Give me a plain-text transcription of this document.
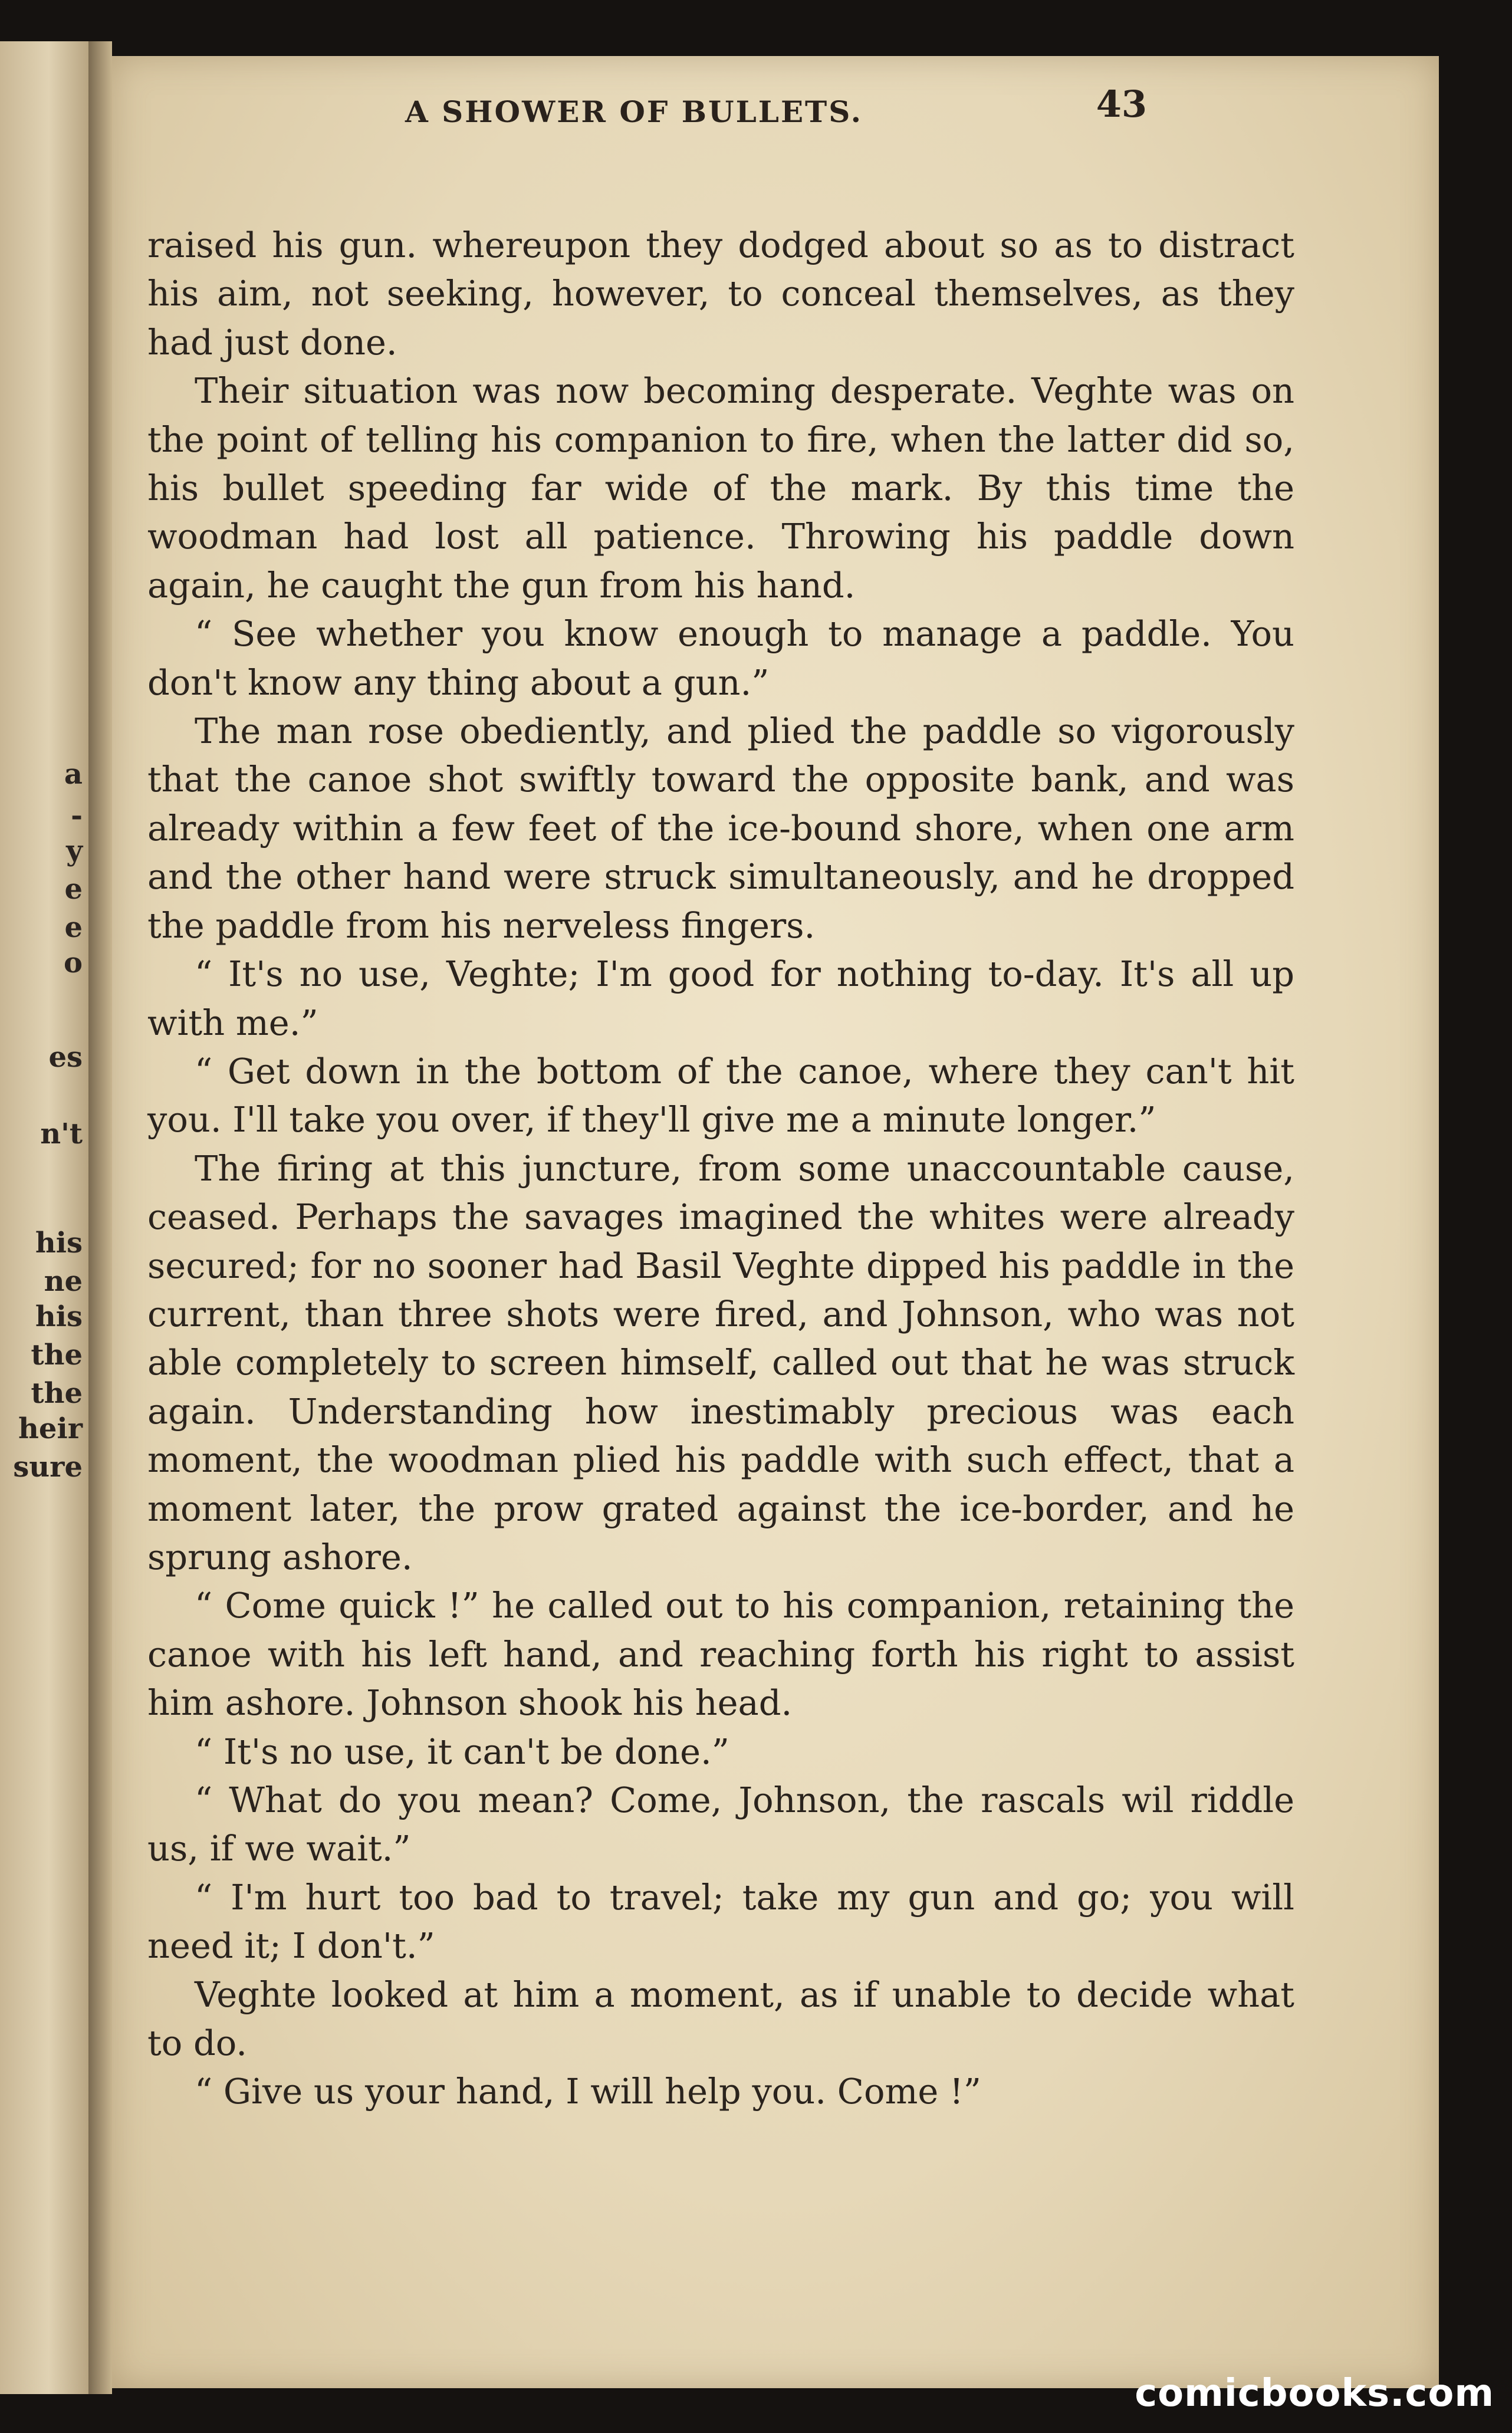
a
-
y
e
e
o
es
n't
his
ne
his
the
the
heir
sure
A SHOWER OF BULLETS.	43

raised his gun. whereupon they dodged about so as to distract his aim, not seeking, however, to conceal themselves, as they had just done.

Their situation was now becoming desperate. Veghte was on the point of telling his companion to fire, when the latter did so, his bullet speeding far wide of the mark. By this time the woodman had lost all patience. Throwing his paddle down again, he caught the gun from his hand.

“ See whether you know enough to manage a paddle. You don't know any thing about a gun.”

The man rose obediently, and plied the paddle so vigorously that the canoe shot swiftly toward the opposite bank, and was already within a few feet of the ice-bound shore, when one arm and the other hand were struck simultaneously, and he dropped the paddle from his nerveless fingers.

“ It's no use, Veghte; I'm good for nothing to-day. It's all up with me.”

“ Get down in the bottom of the canoe, where they can't hit you. I'll take you over, if they'll give me a minute longer.”

The firing at this juncture, from some unaccountable cause, ceased. Perhaps the savages imagined the whites were already secured; for no sooner had Basil Veghte dipped his paddle in the current, than three shots were fired, and Johnson, who was not able completely to screen himself, called out that he was struck again. Understanding how inestimably precious was each moment, the woodman plied his paddle with such effect, that a moment later, the prow grated against the ice-border, and he sprung ashore.

“ Come quick !” he called out to his companion, retaining the canoe with his left hand, and reaching forth his right to assist him ashore. Johnson shook his head.

“ It's no use, it can't be done.”

“ What do you mean? Come, Johnson, the rascals wil riddle us, if we wait.”

“ I'm hurt too bad to travel; take my gun and go; you will need it; I don't.”

Veghte looked at him a moment, as if unable to decide what to do.

“ Give us your hand, I will help you. Come !”

comicbooks.com
